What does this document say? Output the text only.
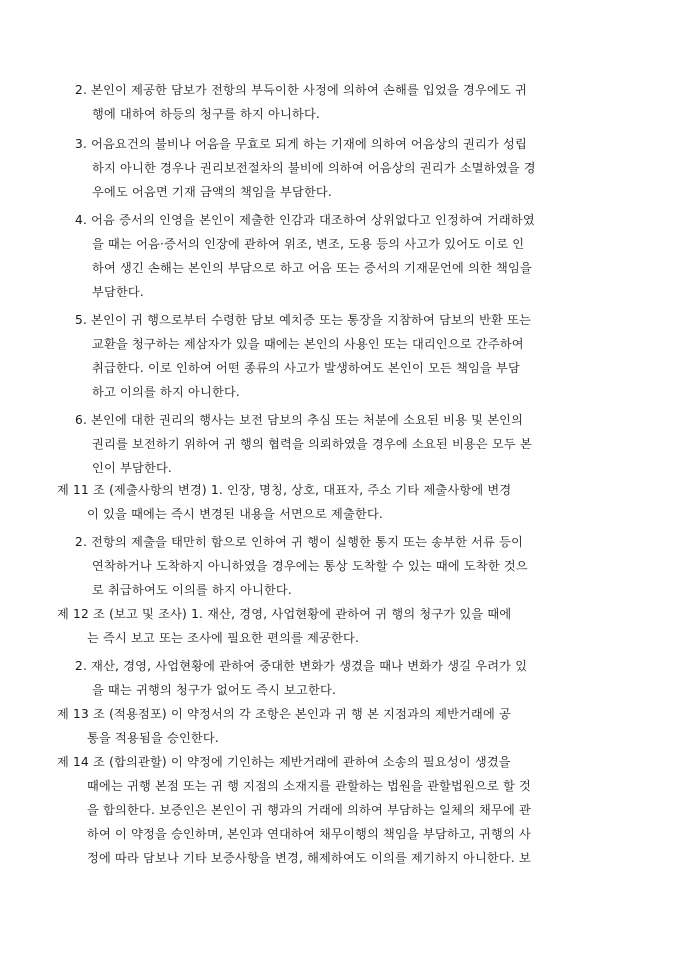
2. 본인이 제공한 담보가 전항의 부득이한 사정에 의하여 손해를 입었을 경우에도 귀
행에 대하여 하등의 청구를 하지 아니하다.
3. 어음요건의 불비나 어음을 무효로 되게 하는 기재에 의하여 어음상의 권리가 성립
하지 아니한 경우나 권리보전절차의 불비에 의하여 어음상의 권리가 소멸하였을 경
우에도 어음면 기재 금액의 책임을 부담한다.
4. 어음 증서의 인영을 본인이 제출한 인감과 대조하여 상위없다고 인정하여 거래하였
을 때는 어음·증서의 인장에 관하여 위조, 변조, 도용 등의 사고가 있어도 이로 인
하여 생긴 손해는 본인의 부담으로 하고 어음 또는 증서의 기재문언에 의한 책임을
부담한다.
5. 본인이 귀 행으로부터 수령한 담보 예치증 또는 통장을 지참하여 담보의 반환 또는
교환을 청구하는 제삼자가 있을 때에는 본인의 사용인 또는 대리인으로 간주하여
취급한다. 이로 인하여 어떤 종류의 사고가 발생하여도 본인이 모든 책임을 부담
하고 이의를 하지 아니한다.
6. 본인에 대한 권리의 행사는 보전 담보의 추심 또는 처분에 소요된 비용 및 본인의
권리를 보전하기 위하여 귀 행의 협력을 의뢰하였을 경우에 소요된 비용은 모두 본
인이 부담한다.
제 11 조 (제출사항의 변경) 1. 인장, 명칭, 상호, 대표자, 주소 기타 제출사항에 변경
이 있을 때에는 즉시 변경된 내용을 서면으로 제출한다.
2. 전항의 제출을 태만히 함으로 인하여 귀 행이 실행한 통지 또는 송부한 서류 등이
연착하거나 도착하지 아니하였을 경우에는 통상 도착할 수 있는 때에 도착한 것으
로 취급하여도 이의를 하지 아니한다.
제 12 조 (보고 및 조사) 1. 재산, 경영, 사업현황에 관하여 귀 행의 청구가 있을 때에
는 즉시 보고 또는 조사에 필요한 편의를 제공한다.
2. 재산, 경영, 사업현황에 관하여 중대한 변화가 생겼을 때나 변화가 생길 우려가 있
을 때는 귀행의 청구가 없어도 즉시 보고한다.
제 13 조 (적용점포) 이 약정서의 각 조항은 본인과 귀 행 본 지점과의 제반거래에 공
통을 적용됨을 승인한다.
제 14 조 (합의관할) 이 약정에 기인하는 제반거래에 관하여 소송의 필요성이 생겼을
때에는 귀행 본점 또는 귀 행 지점의 소재지를 관할하는 법원을 관할법원으로 할 것
을 합의한다. 보증인은 본인이 귀 행과의 거래에 의하여 부담하는 일체의 채무에 관
하여 이 약정을 승인하며, 본인과 연대하여 채무이행의 책임을 부담하고, 귀행의 사
정에 따라 담보나 기타 보증사항을 변경, 해제하여도 이의를 제기하지 아니한다. 보
